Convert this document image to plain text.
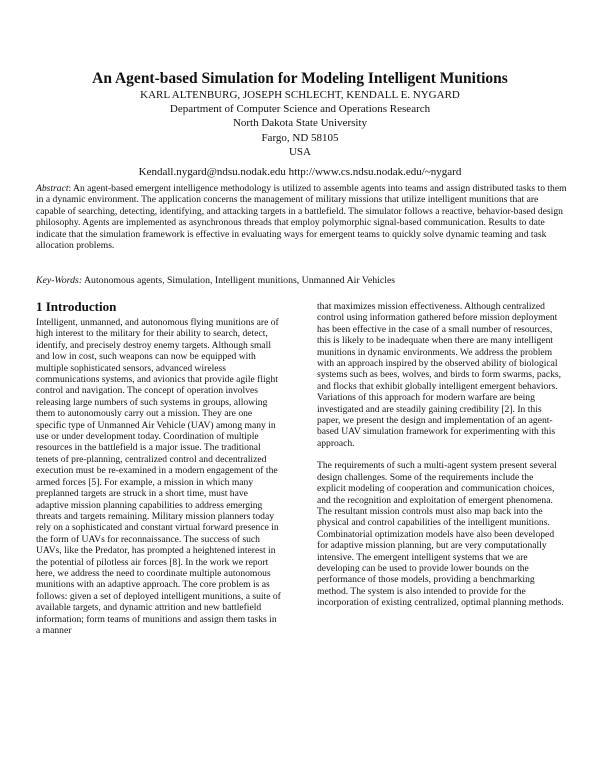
An Agent-based Simulation for Modeling Intelligent Munitions

KARL ALTENBURG, JOSEPH SCHLECHT, KENDALL E. NYGARD

Department of Computer Science and Operations Research

North Dakota State University

Fargo, ND 58105

USA

Kendall.nygard@ndsu.nodak.edu http://www.cs.ndsu.nodak.edu/~nygard

Abstract: An agent-based emergent intelligence methodology is utilized to assemble agents into teams and assign distributed tasks to them in a dynamic environment. The application concerns the management of military missions that utilize intelligent munitions that are capable of searching, detecting, identifying, and attacking targets in a battlefield. The simulator follows a reactive, behavior-based design philosophy. Agents are implemented as asynchronous threads that employ polymorphic signal-based communication. Results to date indicate that the simulation framework is effective in evaluating ways for emergent teams to quickly solve dynamic teaming and task allocation problems.

Key-Words: Autonomous agents, Simulation, Intelligent munitions, Unmanned Air Vehicles

1 Introduction

Intelligent, unmanned, and autonomous flying munitions are of high interest to the military for their ability to search, detect, identify, and precisely destroy enemy targets. Although small and low in cost, such weapons can now be equipped with multiple sophisticated sensors, advanced wireless communications systems, and avionics that provide agile flight control and navigation. The concept of operation involves releasing large numbers of such systems in groups, allowing them to autonomously carry out a mission. They are one specific type of Unmanned Air Vehicle (UAV) among many in use or under development today. Coordination of multiple resources in the battlefield is a major issue. The traditional tenets of pre-planning, centralized control and decentralized execution must be re-examined in a modern engagement of the armed forces [5]. For example, a mission in which many preplanned targets are struck in a short time, must have adaptive mission planning capabilities to address emerging threats and targets remaining. Military mission planners today rely on a sophisticated and constant virtual forward presence in the form of UAVs for reconnaissance. The success of such UAVs, like the Predator, has prompted a heightened interest in the potential of pilotless air forces [8]. In the work we report here, we address the need to coordinate multiple autonomous munitions with an adaptive approach. The core problem is as follows: given a set of deployed intelligent munitions, a suite of available targets, and dynamic attrition and new battlefield information; form teams of munitions and assign them tasks in a manner

that maximizes mission effectiveness. Although centralized control using information gathered before mission deployment has been effective in the case of a small number of resources, this is likely to be inadequate when there are many intelligent munitions in dynamic environments. We address the problem with an approach inspired by the observed ability of biological systems such as bees, wolves, and birds to form swarms, packs, and flocks that exhibit globally intelligent emergent behaviors. Variations of this approach for modern warfare are being investigated and are steadily gaining credibility [2]. In this paper, we present the design and implementation of an agent-based UAV simulation framework for experimenting with this approach.

The requirements of such a multi-agent system present several design challenges. Some of the requirements include the explicit modeling of cooperation and communication choices, and the recognition and exploitation of emergent phenomena. The resultant mission controls must also map back into the physical and control capabilities of the intelligent munitions. Combinatorial optimization models have also been developed for adaptive mission planning, but are very computationally intensive. The emergent intelligent systems that we are developing can be used to provide lower bounds on the performance of those models, providing a benchmarking method. The system is also intended to provide for the incorporation of existing centralized, optimal planning methods.
